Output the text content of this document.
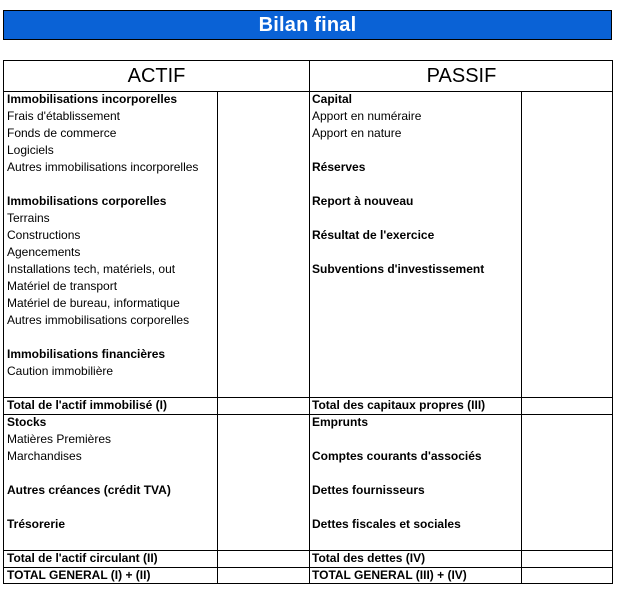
Bilan final
ACTIF	PASSIF
Immobilisations incorporelles
Frais d'établissement
Fonds de commerce
Logiciels
Autres immobilisations incorporelles
Immobilisations corporelles
Terrains
Constructions
Agencements
Installations tech, matériels, out
Matériel de transport
Matériel de bureau, informatique
Autres immobilisations corporelles
Immobilisations financières
Caution immobilière
Total de l'actif immobilisé (I)
Stocks
Matières Premières
Marchandises
Autres créances (crédit TVA)
Trésorerie
Total de l'actif circulant (II)
TOTAL GENERAL (I) + (II)
Capital
Apport en numéraire
Apport en nature
Réserves
Report à nouveau
Résultat de l'exercice
Subventions d'investissement
Total des capitaux propres (III)
Emprunts
Comptes courants d'associés
Dettes fournisseurs
Dettes fiscales et sociales
Total des dettes (IV)
TOTAL GENERAL (III) + (IV)
